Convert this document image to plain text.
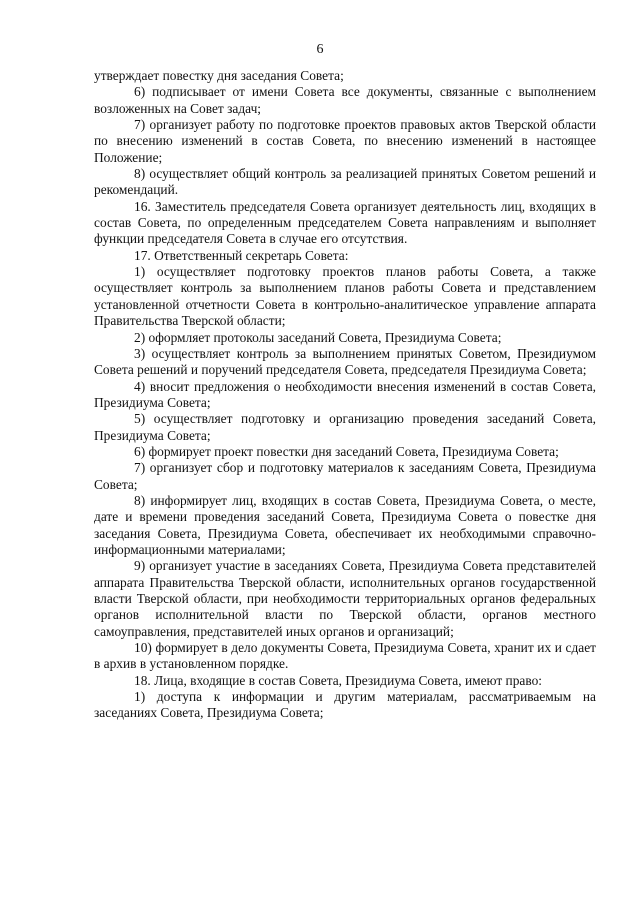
6

утверждает повестку дня заседания Совета;

6) подписывает от имени Совета все документы, связанные с выполнением возложенных на Совет задач;

7) организует работу по подготовке проектов правовых актов Тверской области по внесению изменений в состав Совета, по внесению изменений в настоящее Положение;

8) осуществляет общий контроль за реализацией принятых Советом решений и рекомендаций.

16. Заместитель председателя Совета организует деятельность лиц, входящих в состав Совета, по определенным председателем Совета направлениям и выполняет функции председателя Совета в случае его отсутствия.

17. Ответственный секретарь Совета:

1) осуществляет подготовку проектов планов работы Совета, а также осуществляет контроль за выполнением планов работы Совета и представлением установленной отчетности Совета в контрольно-аналитическое управление аппарата Правительства Тверской области;

2) оформляет протоколы заседаний Совета, Президиума Совета;

3) осуществляет контроль за выполнением принятых Советом, Президиумом Совета решений и поручений председателя Совета, председателя Президиума Совета;

4) вносит предложения о необходимости внесения изменений в состав Совета, Президиума Совета;

5) осуществляет подготовку и организацию проведения заседаний Совета, Президиума Совета;

6) формирует проект повестки дня заседаний Совета, Президиума Совета;

7) организует сбор и подготовку материалов к заседаниям Совета, Президиума Совета;

8) информирует лиц, входящих в состав Совета, Президиума Совета, о месте, дате и времени проведения заседаний Совета, Президиума Совета о повестке дня заседания Совета, Президиума Совета, обеспечивает их необходимыми справочно-информационными материалами;

9) организует участие в заседаниях Совета, Президиума Совета представителей аппарата Правительства Тверской области, исполнительных органов государственной власти Тверской области, при необходимости территориальных органов федеральных органов исполнительной власти по Тверской области, органов местного самоуправления, представителей иных органов и организаций;

10) формирует в дело документы Совета, Президиума Совета, хранит их и сдает в архив в установленном порядке.

18. Лица, входящие в состав Совета, Президиума Совета, имеют право:

1) доступа к информации и другим материалам, рассматриваемым на заседаниях Совета, Президиума Совета;
